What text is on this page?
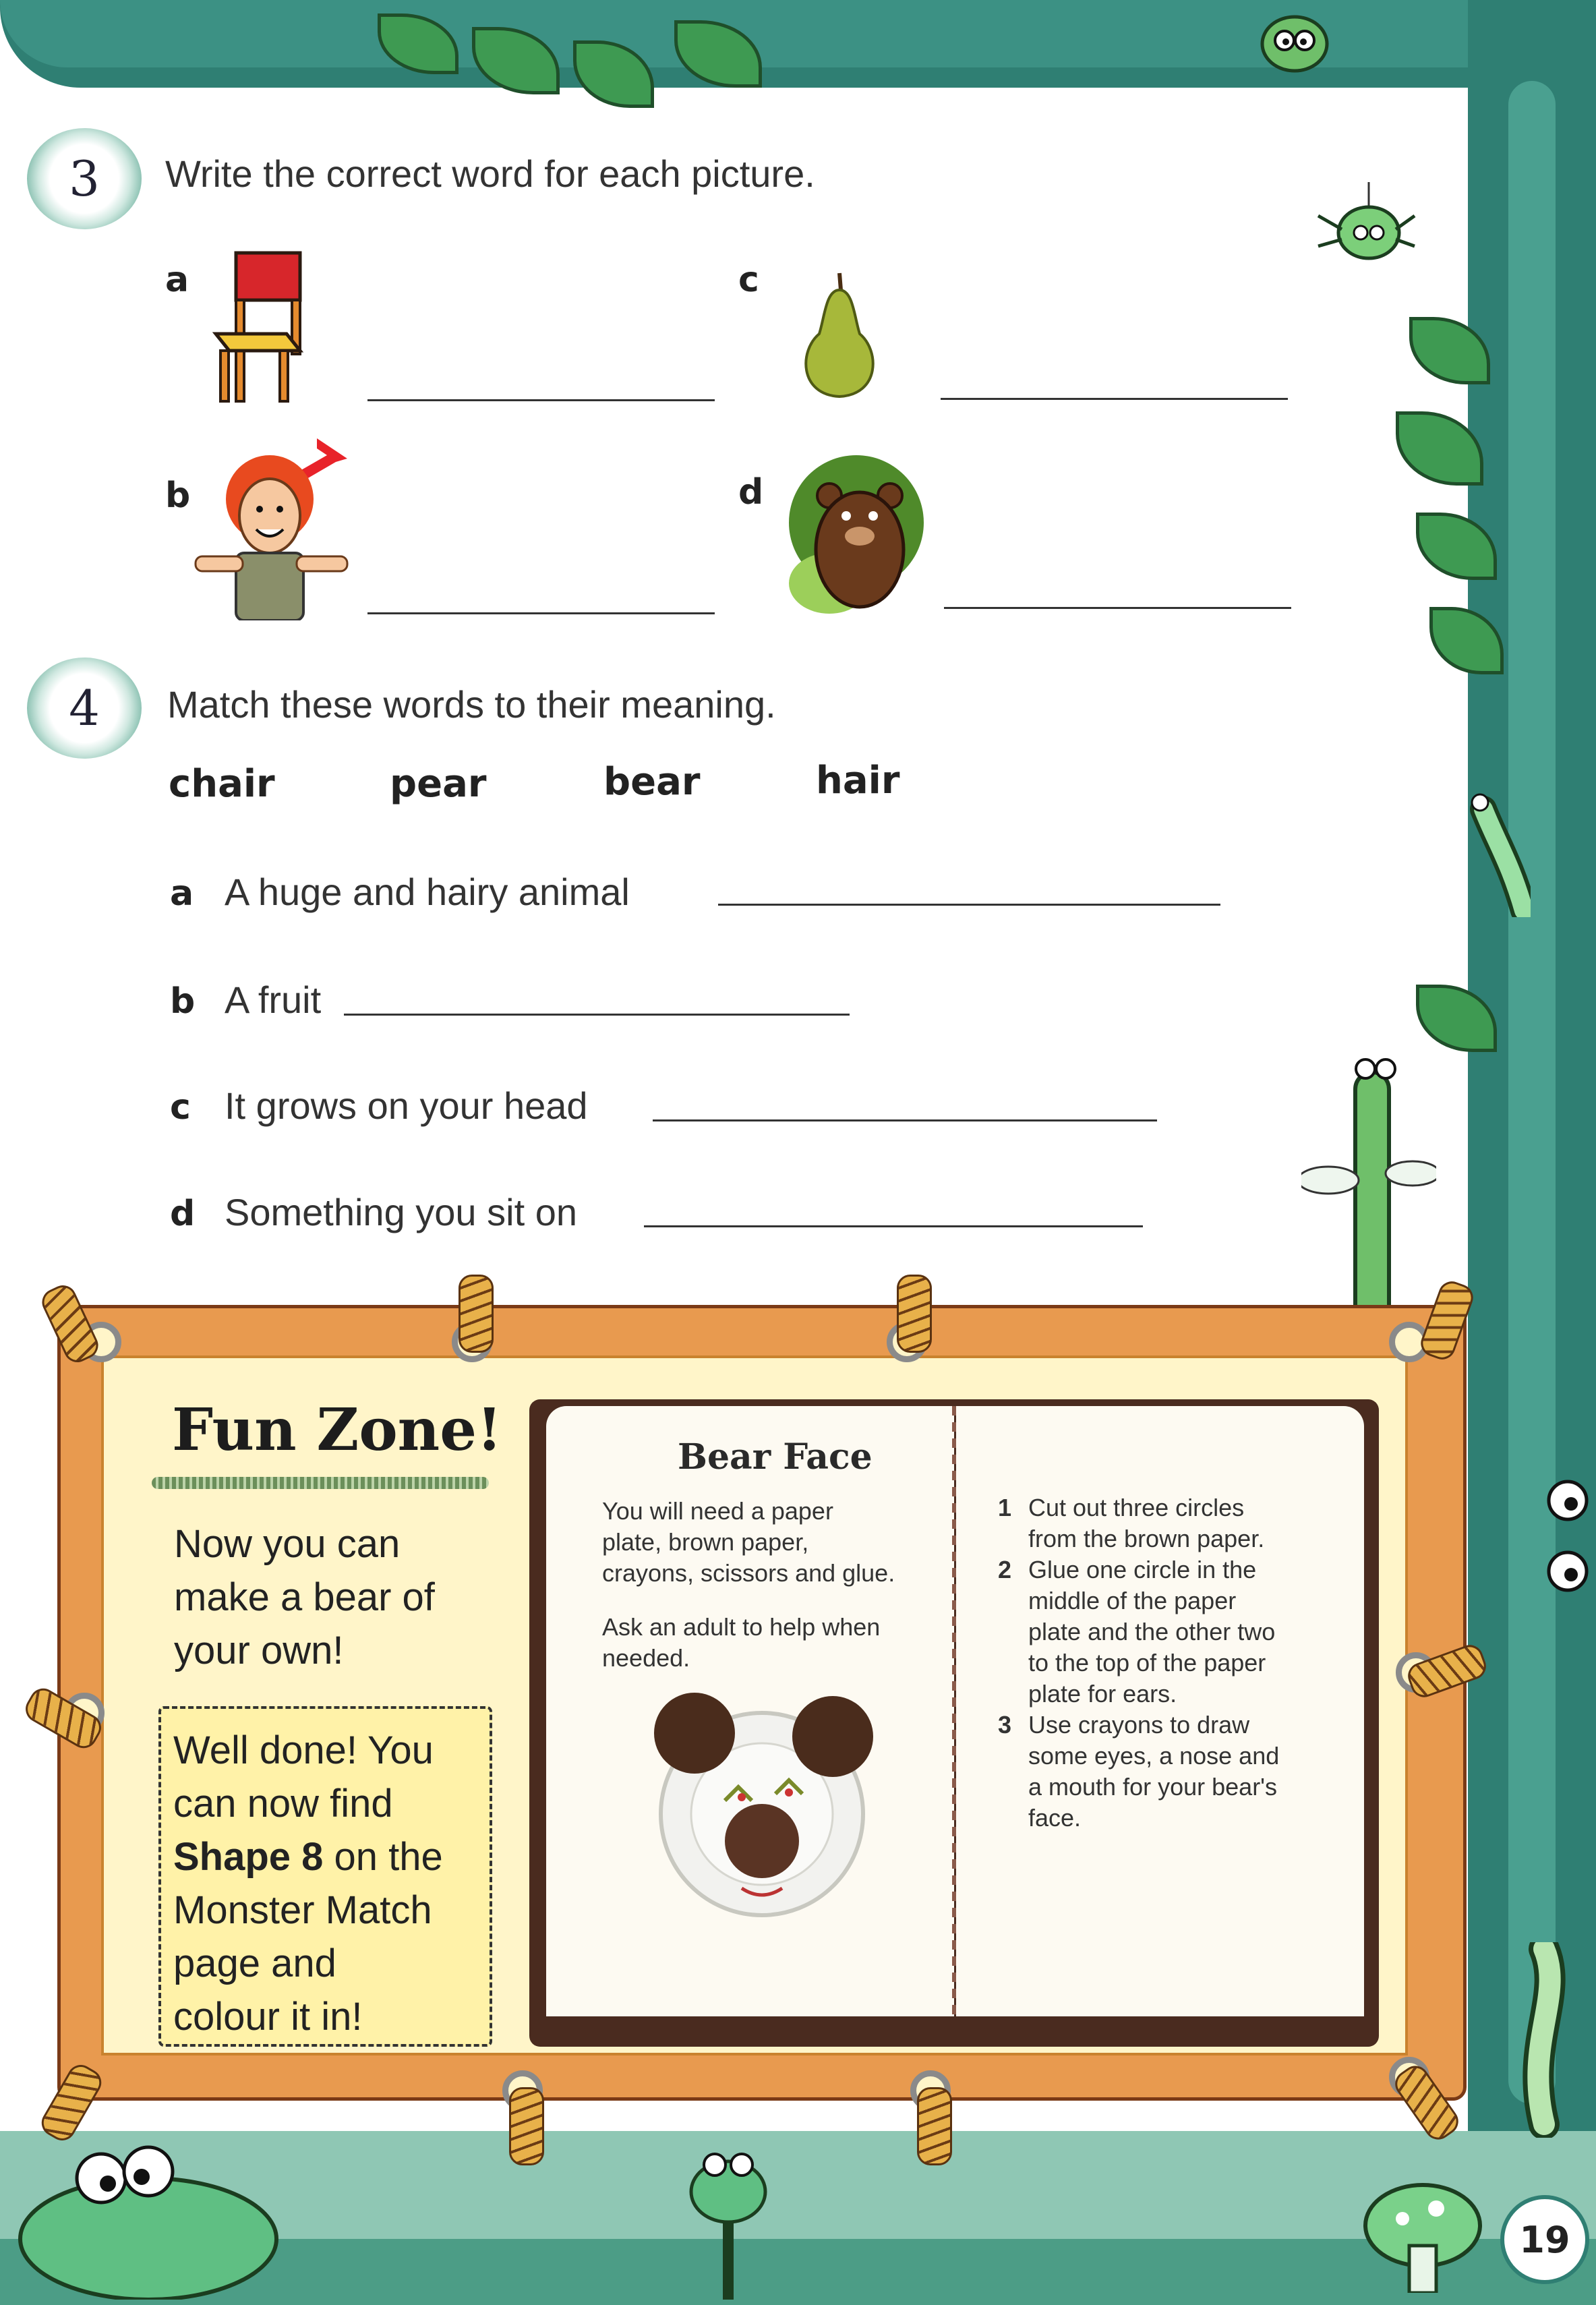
3 Write the correct word for each picture.
a	c
b	d
4 Match these words to their meaning.
chair	pear	bear	hair
a A huge and hairy animal
b A fruit
c It grows on your head
d Something you sit on
Fun Zone!
Now you can
make a bear of
your own!
Well done! You
can now find
Shape 8 on the
Monster Match
page and
colour it in!
Bear Face
You will need a paper
plate, brown paper,
crayons, scissors and glue.
Ask an adult to help when
needed.
1 Cut out three circles
from the brown paper.
2 Glue one circle in the
middle of the paper
plate and the other two
to the top of the paper
plate for ears.
3 Use crayons to draw
some eyes, a nose and
a mouth for your bear's
face.
19
